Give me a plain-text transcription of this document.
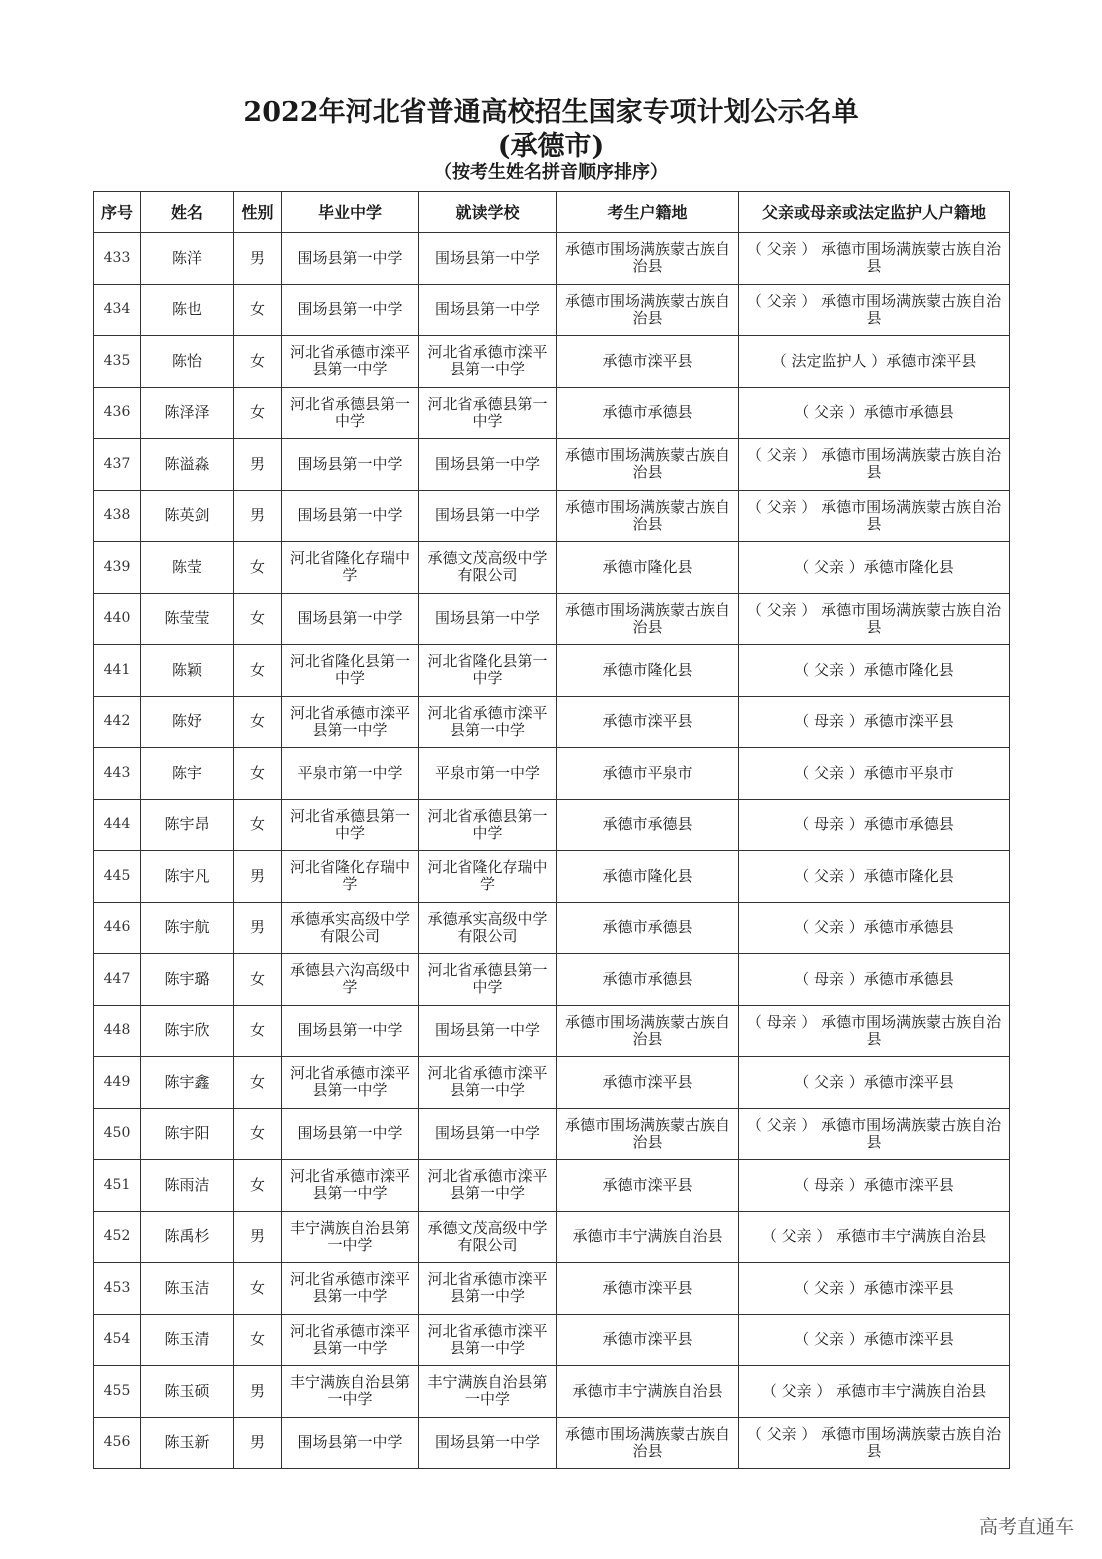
2022年河北省普通高校招生国家专项计划公示名单
(承德市)
（按考生姓名拼音顺序排序）
序号	姓名	性别	毕业中学	就读学校	考生户籍地	父亲或母亲或法定监护人户籍地
433	陈洋	男	围场县第一中学	围场县第一中学	承德市围场满族蒙古族自治县	（ 父亲 ） 承德市围场满族蒙古族自治县
434	陈也	女	围场县第一中学	围场县第一中学	承德市围场满族蒙古族自治县	（ 父亲 ） 承德市围场满族蒙古族自治县
435	陈怡	女	河北省承德市滦平县第一中学	河北省承德市滦平县第一中学	承德市滦平县	（ 法定监护人 ）承德市滦平县
436	陈泽泽	女	河北省承德县第一中学	河北省承德县第一中学	承德市承德县	（ 父亲 ）承德市承德县
437	陈溢淼	男	围场县第一中学	围场县第一中学	承德市围场满族蒙古族自治县	（ 父亲 ） 承德市围场满族蒙古族自治县
438	陈英剑	男	围场县第一中学	围场县第一中学	承德市围场满族蒙古族自治县	（ 父亲 ） 承德市围场满族蒙古族自治县
439	陈莹	女	河北省隆化存瑞中学	承德文茂高级中学有限公司	承德市隆化县	（ 父亲 ）承德市隆化县
440	陈莹莹	女	围场县第一中学	围场县第一中学	承德市围场满族蒙古族自治县	（ 父亲 ） 承德市围场满族蒙古族自治县
441	陈颖	女	河北省隆化县第一中学	河北省隆化县第一中学	承德市隆化县	（ 父亲 ）承德市隆化县
442	陈妤	女	河北省承德市滦平县第一中学	河北省承德市滦平县第一中学	承德市滦平县	（ 母亲 ）承德市滦平县
443	陈宇	女	平泉市第一中学	平泉市第一中学	承德市平泉市	（ 父亲 ）承德市平泉市
444	陈宇昂	女	河北省承德县第一中学	河北省承德县第一中学	承德市承德县	（ 母亲 ）承德市承德县
445	陈宇凡	男	河北省隆化存瑞中学	河北省隆化存瑞中学	承德市隆化县	（ 父亲 ）承德市隆化县
446	陈宇航	男	承德承实高级中学有限公司	承德承实高级中学有限公司	承德市承德县	（ 父亲 ）承德市承德县
447	陈宇璐	女	承德县六沟高级中学	河北省承德县第一中学	承德市承德县	（ 母亲 ）承德市承德县
448	陈宇欣	女	围场县第一中学	围场县第一中学	承德市围场满族蒙古族自治县	（ 母亲 ） 承德市围场满族蒙古族自治县
449	陈宇鑫	女	河北省承德市滦平县第一中学	河北省承德市滦平县第一中学	承德市滦平县	（ 父亲 ）承德市滦平县
450	陈宇阳	女	围场县第一中学	围场县第一中学	承德市围场满族蒙古族自治县	（ 父亲 ） 承德市围场满族蒙古族自治县
451	陈雨洁	女	河北省承德市滦平县第一中学	河北省承德市滦平县第一中学	承德市滦平县	（ 母亲 ）承德市滦平县
452	陈禹杉	男	丰宁满族自治县第一中学	承德文茂高级中学有限公司	承德市丰宁满族自治县	（ 父亲 ） 承德市丰宁满族自治县
453	陈玉洁	女	河北省承德市滦平县第一中学	河北省承德市滦平县第一中学	承德市滦平县	（ 父亲 ）承德市滦平县
454	陈玉清	女	河北省承德市滦平县第一中学	河北省承德市滦平县第一中学	承德市滦平县	（ 父亲 ）承德市滦平县
455	陈玉硕	男	丰宁满族自治县第一中学	丰宁满族自治县第一中学	承德市丰宁满族自治县	（ 父亲 ） 承德市丰宁满族自治县
456	陈玉新	男	围场县第一中学	围场县第一中学	承德市围场满族蒙古族自治县	（ 父亲 ） 承德市围场满族蒙古族自治县
高考直通车
